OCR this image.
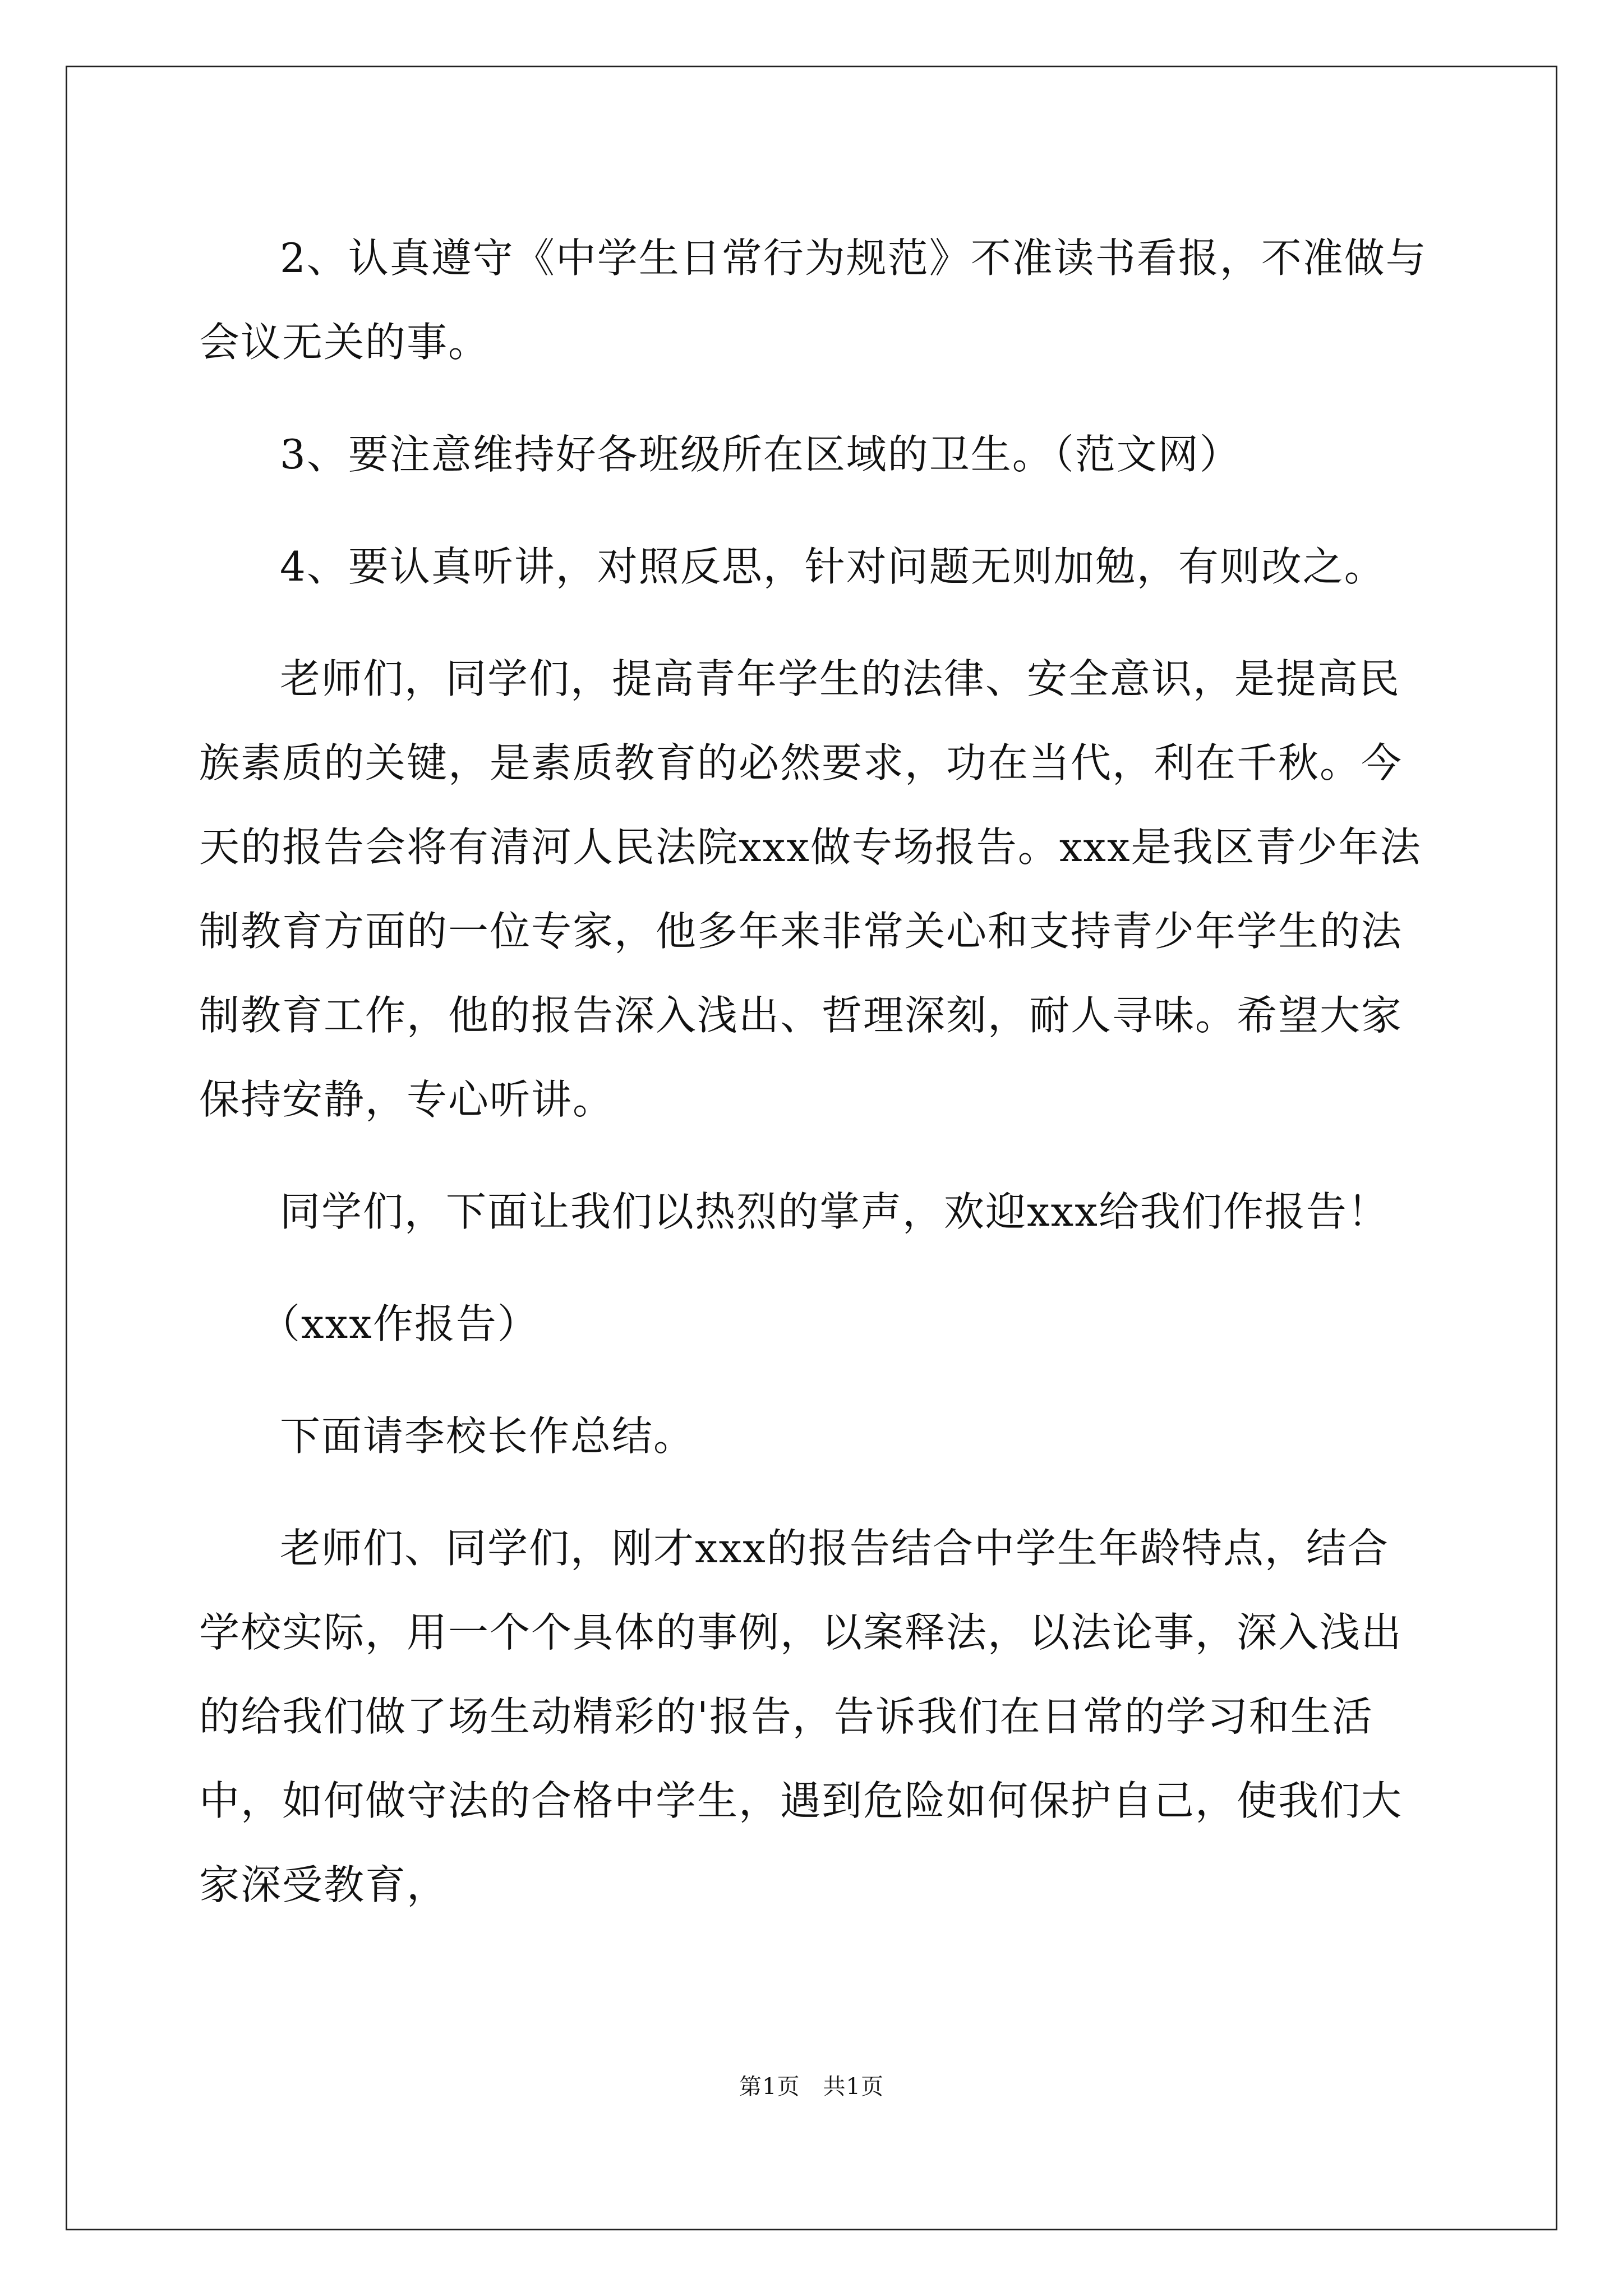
2、认真遵守《中学生日常行为规范》不准读书看报，不准做与会议无关的事。

3、要注意维持好各班级所在区域的卫生。（范文网）

4、要认真听讲，对照反思，针对问题无则加勉，有则改之。

老师们，同学们，提高青年学生的法律、安全意识，是提高民族素质的关键，是素质教育的必然要求，功在当代，利在千秋。今天的报告会将有清河人民法院xxx做专场报告。xxx是我区青少年法制教育方面的一位专家，他多年来非常关心和支持青少年学生的法制教育工作，他的报告深入浅出、哲理深刻，耐人寻味。希望大家保持安静，专心听讲。

同学们，下面让我们以热烈的掌声，欢迎xxx给我们作报告！

（xxx作报告）

下面请李校长作总结。

老师们、同学们，刚才xxx的报告结合中学生年龄特点，结合学校实际，用一个个具体的事例，以案释法，以法论事，深入浅出的给我们做了场生动精彩的'报告，告诉我们在日常的学习和生活中，如何做守法的合格中学生，遇到危险如何保护自己，使我们大家深受教育，

第1页　共1页
